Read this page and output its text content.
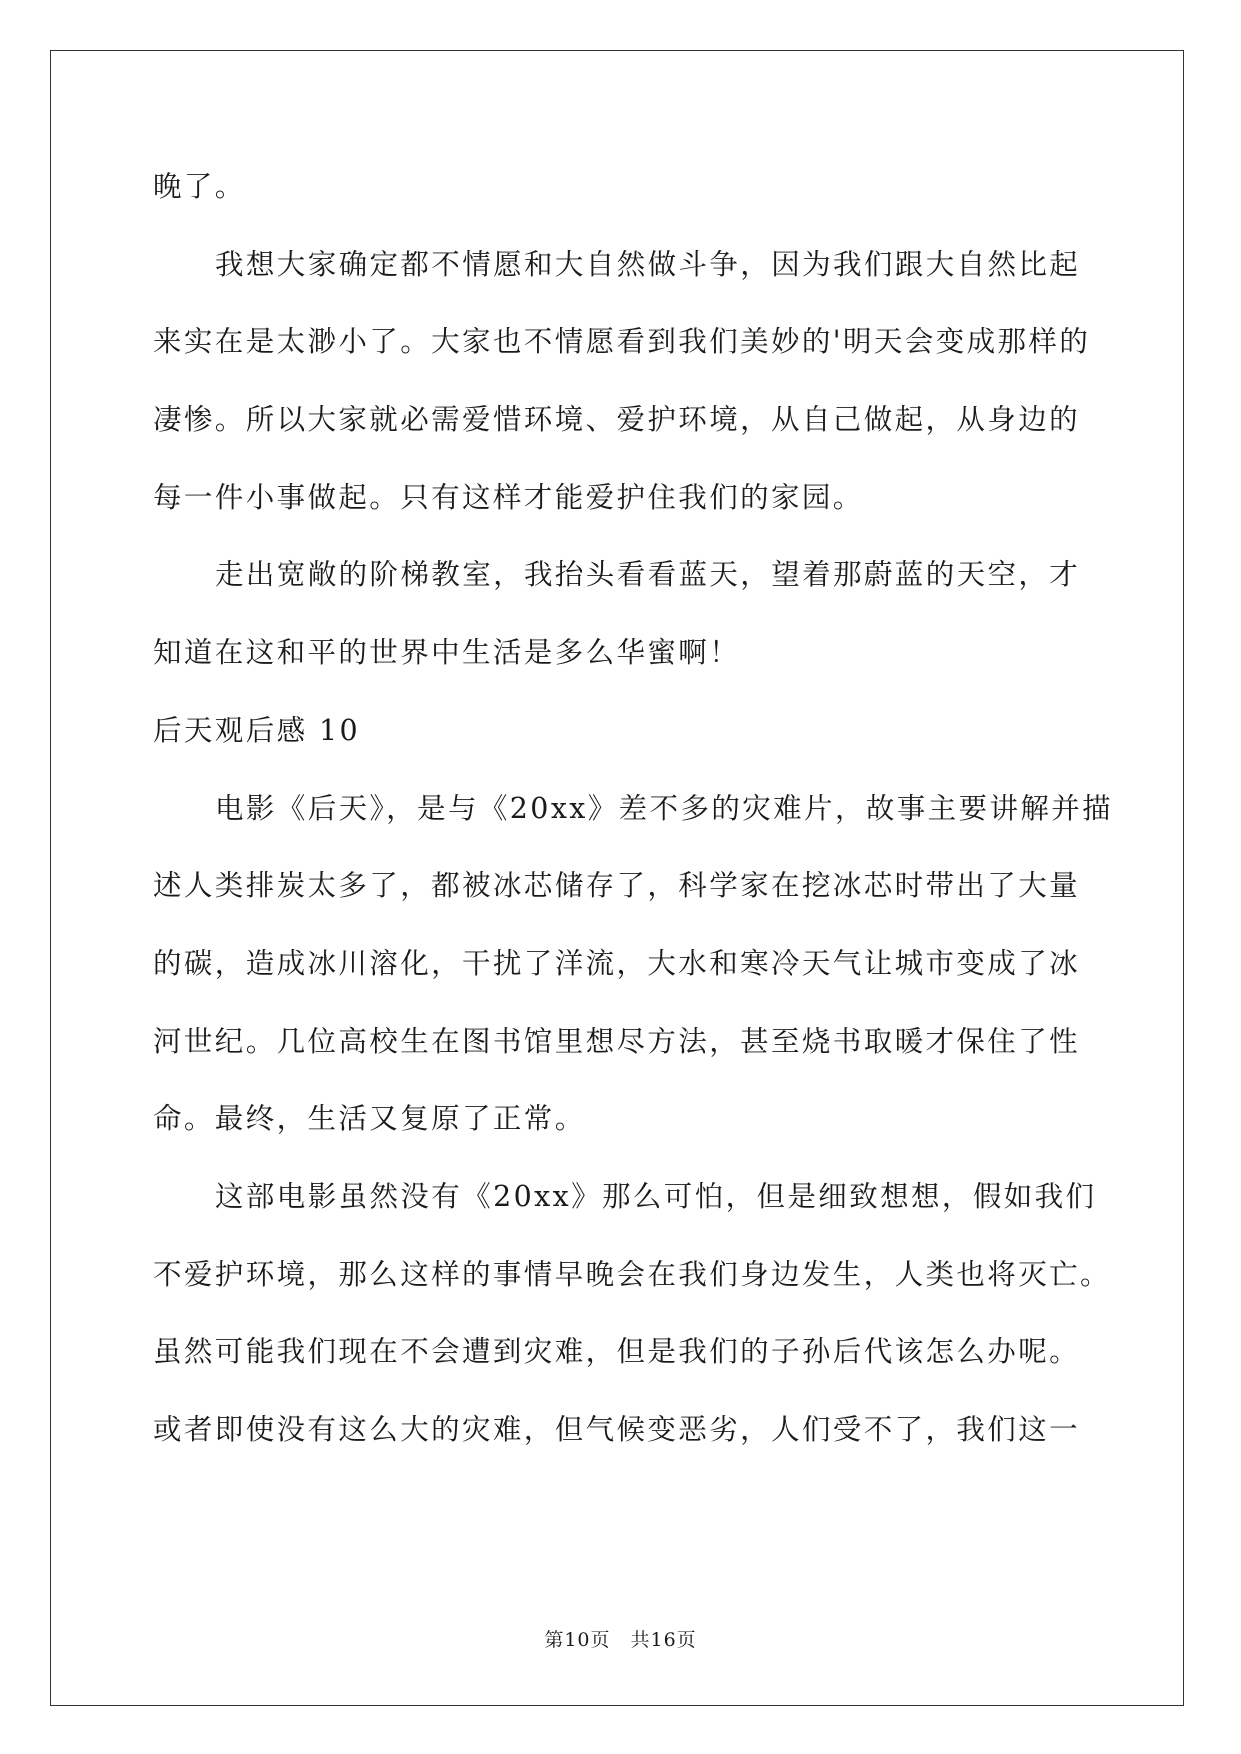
晚了。
我想大家确定都不情愿和大自然做斗争，因为我们跟大自然比起
来实在是太渺小了。大家也不情愿看到我们美妙的'明天会变成那样的
凄惨。所以大家就必需爱惜环境、爱护环境，从自己做起，从身边的
每一件小事做起。只有这样才能爱护住我们的家园。
走出宽敞的阶梯教室，我抬头看看蓝天，望着那蔚蓝的天空，才
知道在这和平的世界中生活是多么华蜜啊！
后天观后感 10
电影《后天》，是与《20xx》差不多的灾难片，故事主要讲解并描
述人类排炭太多了，都被冰芯储存了，科学家在挖冰芯时带出了大量
的碳，造成冰川溶化，干扰了洋流，大水和寒冷天气让城市变成了冰
河世纪。几位高校生在图书馆里想尽方法，甚至烧书取暖才保住了性
命。最终，生活又复原了正常。
这部电影虽然没有《20xx》那么可怕，但是细致想想，假如我们
不爱护环境，那么这样的事情早晚会在我们身边发生，人类也将灭亡。
虽然可能我们现在不会遭到灾难，但是我们的子孙后代该怎么办呢。
或者即使没有这么大的灾难，但气候变恶劣，人们受不了，我们这一
第10页　共16页
